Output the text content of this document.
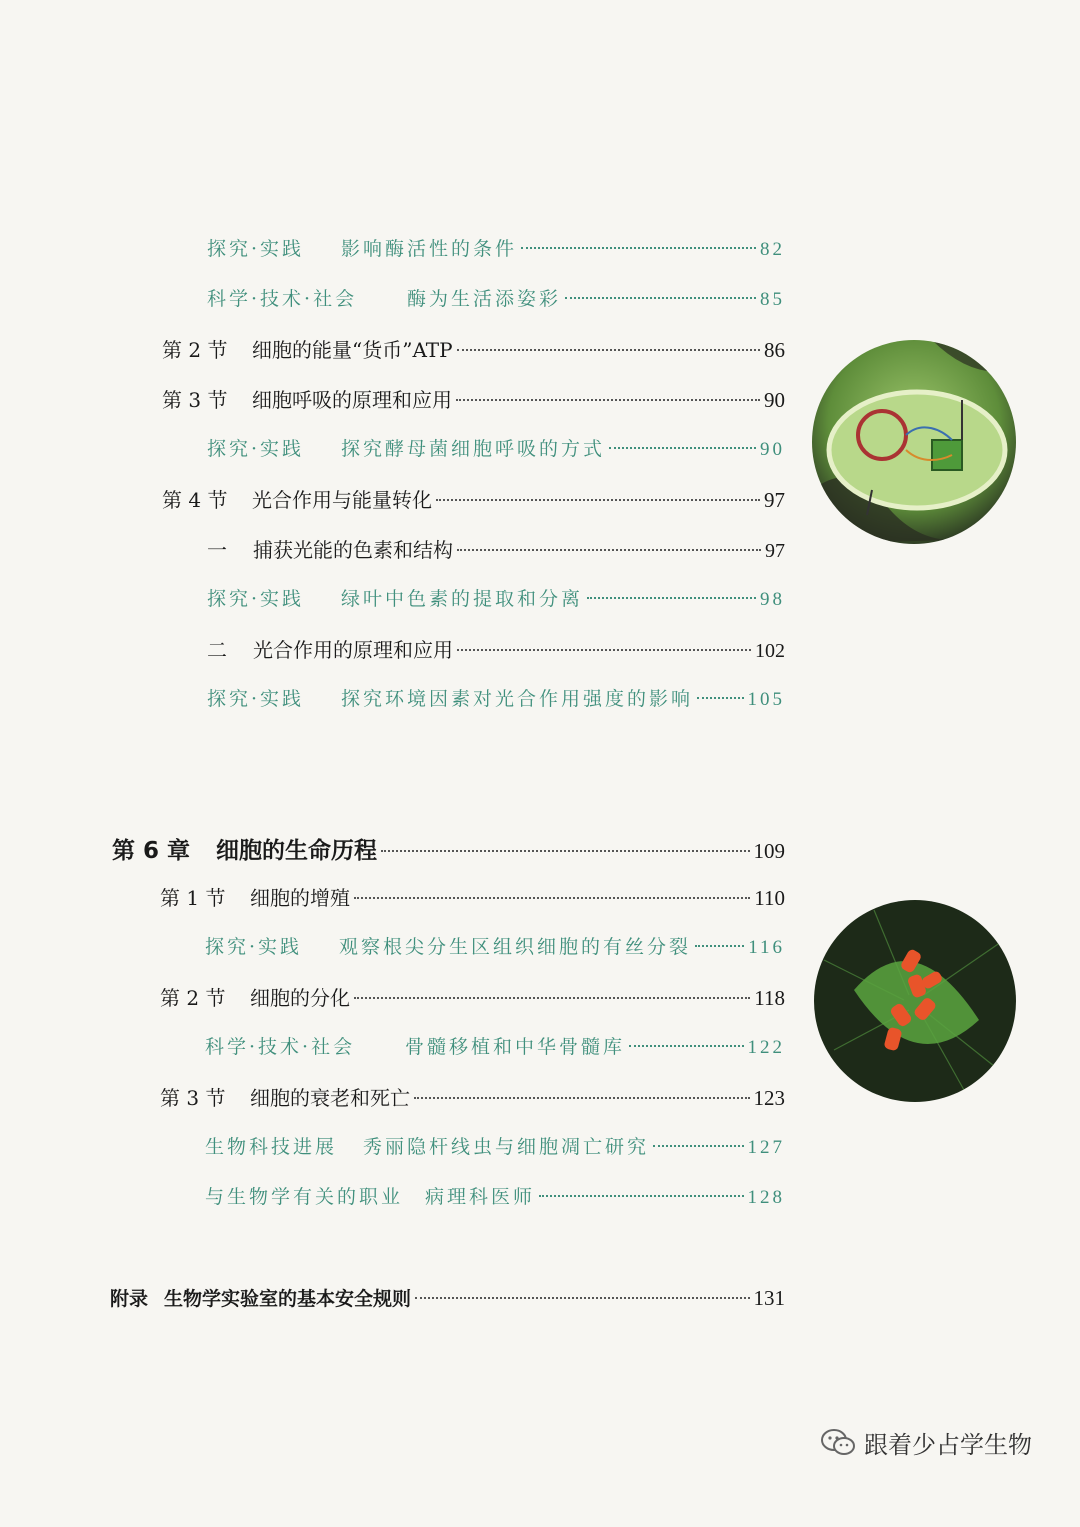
探究·实践	影响酶活性的条件	82
科学·技术·社会	酶为生活添姿彩	85
第 2 节	细胞的能量“货币”ATP	86
第 3 节	细胞呼吸的原理和应用	90
探究·实践	探究酵母菌细胞呼吸的方式	90
第 4 节	光合作用与能量转化	97
一	捕获光能的色素和结构	97
探究·实践	绿叶中色素的提取和分离	98
二	光合作用的原理和应用	102
探究·实践	探究环境因素对光合作用强度的影响	105
第 6 章	细胞的生命历程	109
第 1 节	细胞的增殖	110
探究·实践	观察根尖分生区组织细胞的有丝分裂	116
第 2 节	细胞的分化	118
科学·技术·社会	骨髓移植和中华骨髓库	122
第 3 节	细胞的衰老和死亡	123
生物科技进展	秀丽隐杆线虫与细胞凋亡研究	127
与生物学有关的职业	病理科医师	128
附录 生物学实验室的基本安全规则	131
跟着少占学生物
